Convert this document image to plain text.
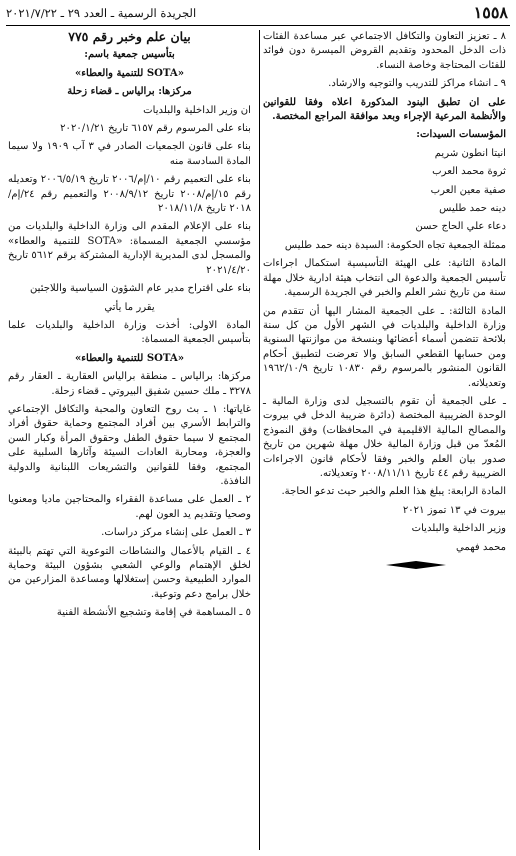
١٥٥٨
الجريدة الرسمية ـ العدد ٢٩ ـ ٢٠٢١/٧/٢٢

٨ ـ تعزيز التعاون والتكافل الاجتماعي عبر مساعدة الفئات ذات الدخل المحدود وتقديم القروض الميسرة دون فوائد للفئات المحتاجة وخاصة النساء.

٩ ـ انشاء مراكز للتدريب والتوجيه والارشاد.

على ان تطبق البنود المذكورة اعلاه وفقا للقوانين والأنظمة المرعية الإجراء وبعد موافقة المراجع المختصة.

المؤسسات السيدات:

انيتا انطون شريم

ثروة محمد العرب

صفية معين العرب

دينه حمد طليس

دعاء علي الحاج حسن

ممثلة الجمعية تجاه الحكومة: السيدة دينه حمد طليس

المادة الثانية: على الهيئة التأسيسية استكمال اجراءات تأسيس الجمعية والدعوة الى انتخاب هيئة ادارية خلال مهلة سنة من تاريخ نشر العلم والخبر في الجريدة الرسمية.

المادة الثالثة: ـ على الجمعية المشار اليها أن تتقدم من وزارة الداخلية والبلديات في الشهر الأول من كل سنة بلائحة تتضمن أسماء أعضائها وبنسخة من موازنتها السنوية ومن حسابها القطعي السابق والا تعرضت لتطبيق أحكام القانون المنشور بالمرسوم رقم ١٠٨٣٠ تاريخ ١٩٦٢/١٠/٩ وتعديلاته.

ـ على الجمعية أن تقوم بالتسجيل لدى وزارة المالية ـ الوحدة الضريبية المختصة (دائرة ضريبة الدخل في بيروت والمصالح المالية الاقليمية في المحافظات) وفق النموذج المُعدّ من قبل وزارة المالية خلال مهلة شهرين من تاريخ صدور بيان العلم والخبر وفقا لأحكام قانون الاجراءات الضريبية رقم ٤٤ تاريخ ٢٠٠٨/١١/١١ وتعديلاته.

المادة الرابعة: يبلغ هذا العلم والخبر حيث تدعو الحاجة.

بيروت في ١٣ تموز ٢٠٢١

وزير الداخلية والبلديات

محمد فهمي

بيان علم وخبر رقم ٧٧٥

بتأسيس جمعية باسم:

«SOTA للتنمية والعطاء»

مركزها: برالياس ـ قضاء زحلة

ان وزير الداخلية والبلديات

بناء على المرسوم رقم ٦١٥٧ تاريخ ٢٠٢٠/١/٢١

بناء على قانون الجمعيات الصادر في ٣ آب ١٩٠٩ ولا سيما المادة السادسة منه

بناء على التعميم رقم ١٠/إم/٢٠٠٦ تاريخ ٢٠٠٦/٥/١٩ وتعديله رقم ١٥/إم/٢٠٠٨ تاريخ ٢٠٠٨/٩/١٢ والتعميم رقم ٢٤/إم/٢٠١٨ تاريخ ٢٠١٨/١١/٨

بناء على الإعلام المقدم الى وزارة الداخلية والبلديات من مؤسسي الجمعية المسماة: «SOTA للتنمية والعطاء» والمسجل لدى المديرية الإدارية المشتركة برقم ٥٦١٢ تاريخ ٢٠٢١/٤/٢٠

بناء على اقتراح مدير عام الشؤون السياسية واللاجئين

يقرر ما يأتي

المادة الاولى: أخذت وزارة الداخلية والبلديات علما بتأسيس الجمعية المسماة:

«SOTA للتنمية والعطاء»

مركزها: برالياس ـ منطقة برالياس العقارية ـ العقار رقم ٣٢٧٨ ـ ملك حسين شفيق البيروتي ـ قضاء زحلة.

غاياتها: ١ ـ بث روح التعاون والمحبة والتكافل الإجتماعي والترابط الأسري بين أفراد المجتمع وحماية حقوق أفراد المجتمع لا سيما حقوق الطفل وحقوق المرأة وكبار السن والعجزة، ومحاربة العادات السيئة وآثارها السلبية على المجتمع، وفقا للقوانين والتشريعات اللبنانية والدولية النافذة.

٢ ـ العمل على مساعدة الفقراء والمحتاجين ماديا ومعنويا وصحيا وتقديم يد العون لهم.

٣ ـ العمل على إنشاء مركز دراسات.

٤ ـ القيام بالأعمال والنشاطات التوعوية التي تهتم بالبيئة لخلق الإهتمام والوعي الشعبي بشؤون البيئة وحماية الموارد الطبيعية وحسن إستغلالها ومساعدة المزارعين من خلال برامج دعم وتوعية.

٥ ـ المساهمة في إقامة وتشجيع الأنشطة الفنية
